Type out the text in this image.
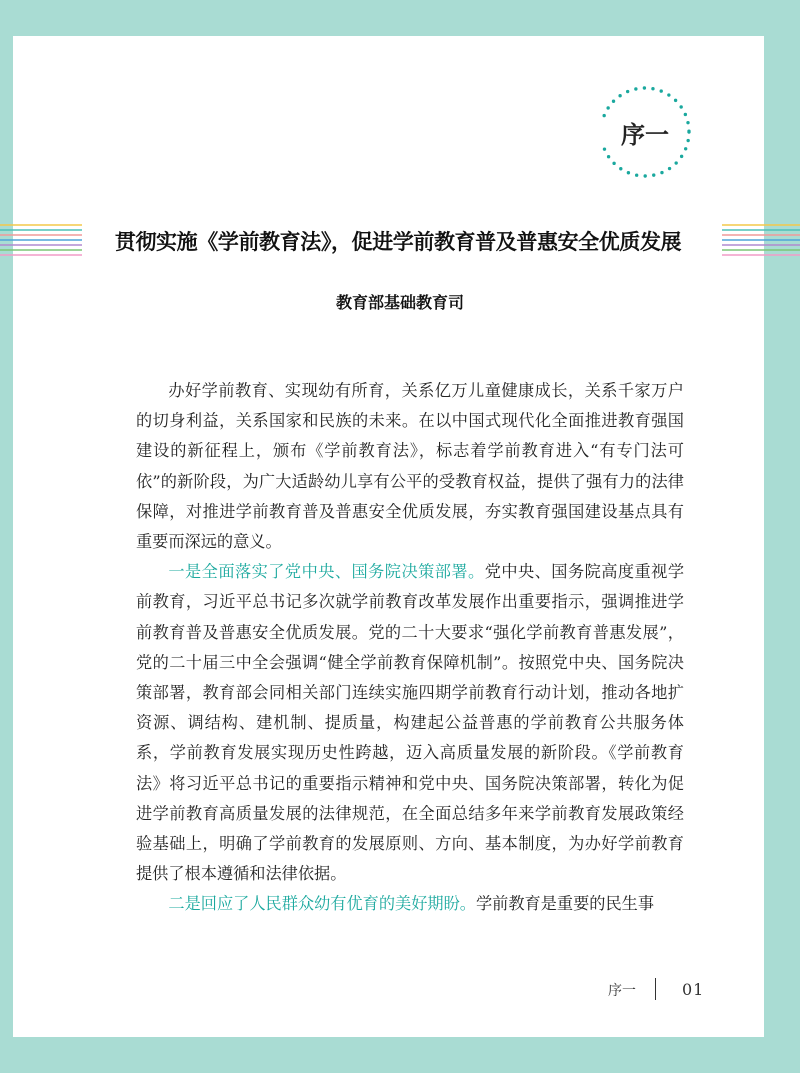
序一
贯彻实施《学前教育法》，促进学前教育普及普惠安全优质发展
教育部基础教育司

办好学前教育、实现幼有所育，关系亿万儿童健康成长，关系千家万户的切身利益，关系国家和民族的未来。在以中国式现代化全面推进教育强国建设的新征程上，颁布《学前教育法》，标志着学前教育进入“有专门法可依”的新阶段，为广大适龄幼儿享有公平的受教育权益，提供了强有力的法律保障，对推进学前教育普及普惠安全优质发展，夯实教育强国建设基点具有重要而深远的意义。

一是全面落实了党中央、国务院决策部署。党中央、国务院高度重视学前教育，习近平总书记多次就学前教育改革发展作出重要指示，强调推进学前教育普及普惠安全优质发展。党的二十大要求“强化学前教育普惠发展”，党的二十届三中全会强调“健全学前教育保障机制”。按照党中央、国务院决策部署，教育部会同相关部门连续实施四期学前教育行动计划，推动各地扩资源、调结构、建机制、提质量，构建起公益普惠的学前教育公共服务体系，学前教育发展实现历史性跨越，迈入高质量发展的新阶段。《学前教育法》将习近平总书记的重要指示精神和党中央、国务院决策部署，转化为促进学前教育高质量发展的法律规范，在全面总结多年来学前教育发展政策经验基础上，明确了学前教育的发展原则、方向、基本制度，为办好学前教育提供了根本遵循和法律依据。

二是回应了人民群众幼有优育的美好期盼。学前教育是重要的民生事

序一	01
